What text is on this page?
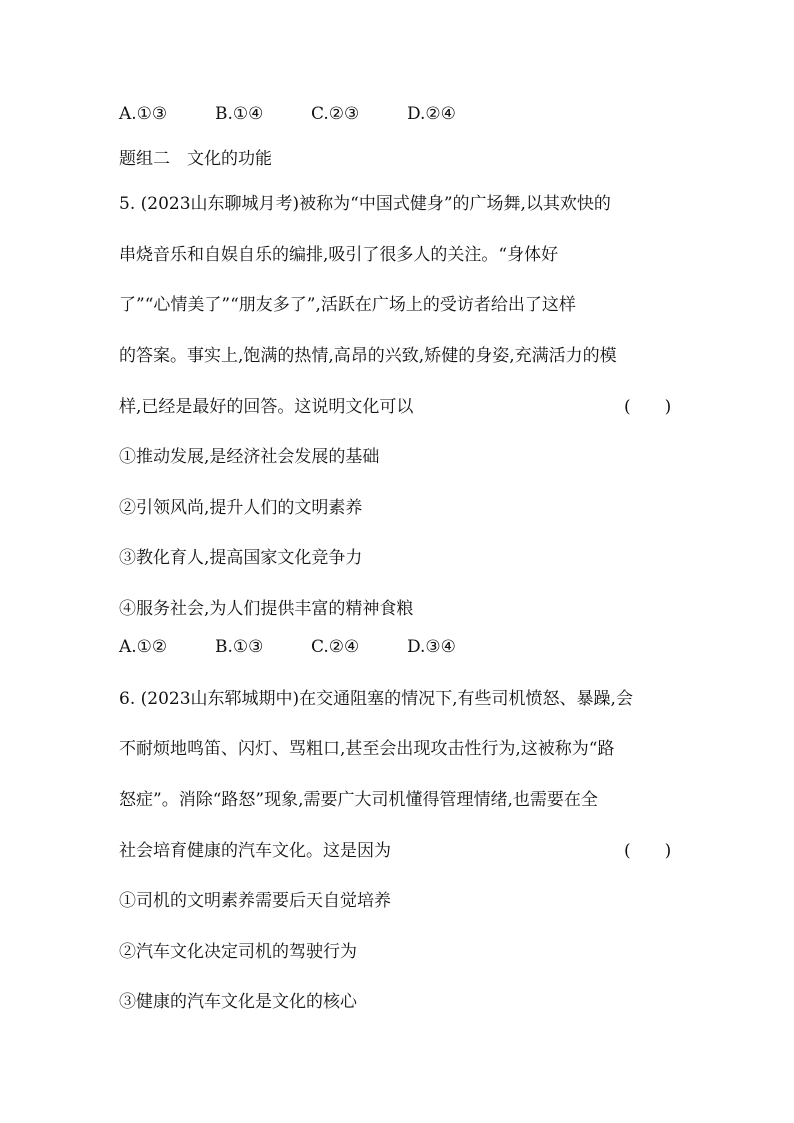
A.①③	B.①④	C.②③	D.②④
题组二　文化的功能
5. (2023山东聊城月考)被称为“中国式健身”的广场舞,以其欢快的
串烧音乐和自娱自乐的编排,吸引了很多人的关注。“身体好
了”“心情美了”“朋友多了”,活跃在广场上的受访者给出了这样
的答案。事实上,饱满的热情,高昂的兴致,矫健的身姿,充满活力的模
样,已经是最好的回答。这说明文化可以	(　　)
①推动发展,是经济社会发展的基础
②引领风尚,提升人们的文明素养
③教化育人,提高国家文化竞争力
④服务社会,为人们提供丰富的精神食粮
A.①②	B.①③	C.②④	D.③④
6. (2023山东郓城期中)在交通阻塞的情况下,有些司机愤怒、暴躁,会
不耐烦地鸣笛、闪灯、骂粗口,甚至会出现攻击性行为,这被称为“路
怒症”。消除“路怒”现象,需要广大司机懂得管理情绪,也需要在全
社会培育健康的汽车文化。这是因为	(　　)
①司机的文明素养需要后天自觉培养
②汽车文化决定司机的驾驶行为
③健康的汽车文化是文化的核心
